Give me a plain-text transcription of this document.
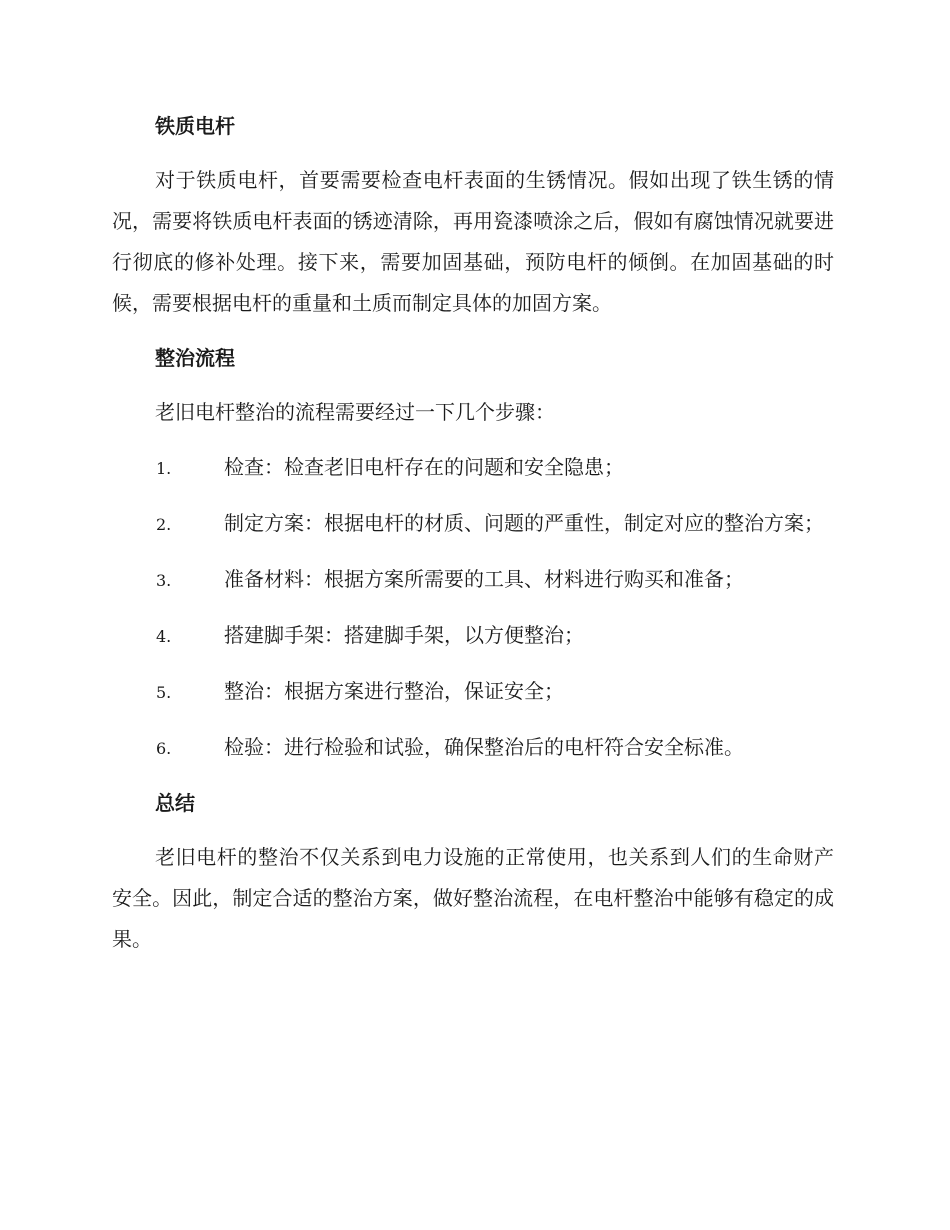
铁质电杆

对于铁质电杆，首要需要检查电杆表面的生锈情况。假如出现了铁生锈的情况，需要将铁质电杆表面的锈迹清除，再用瓷漆喷涂之后，假如有腐蚀情况就要进行彻底的修补处理。接下来，需要加固基础，预防电杆的倾倒。在加固基础的时候，需要根据电杆的重量和土质而制定具体的加固方案。

整治流程

老旧电杆整治的流程需要经过一下几个步骤：

1.	检查：检查老旧电杆存在的问题和安全隐患；

2.	制定方案：根据电杆的材质、问题的严重性，制定对应的整治方案；

3.	准备材料：根据方案所需要的工具、材料进行购买和准备；

4.	搭建脚手架：搭建脚手架，以方便整治；

5.	整治：根据方案进行整治，保证安全；

6.	检验：进行检验和试验，确保整治后的电杆符合安全标准。

总结

老旧电杆的整治不仅关系到电力设施的正常使用，也关系到人们的生命财产安全。因此，制定合适的整治方案，做好整治流程，在电杆整治中能够有稳定的成果。
